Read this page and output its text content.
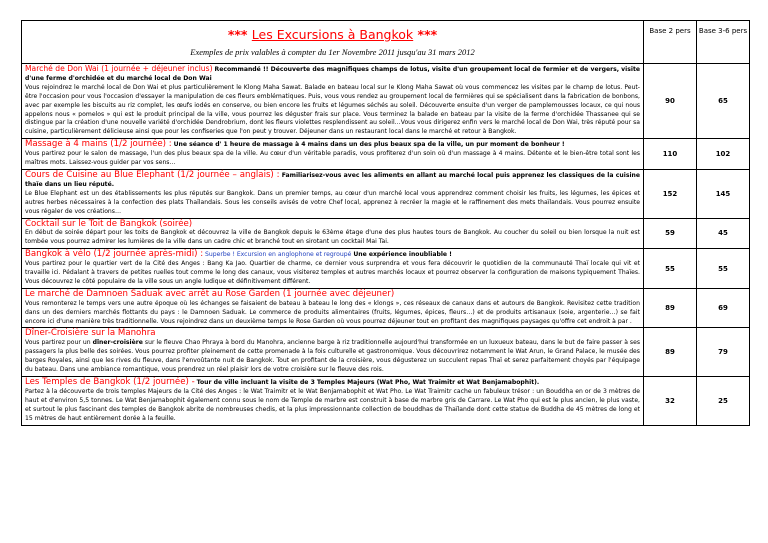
*** Les Excursions à Bangkok ***
Exemples de prix valables à compter du 1er Novembre 2011 jusqu'au 31 mars 2012	Base 2 pers	Base 3-6 pers
Marché de Don Wai (1 journée + déjeuner inclus) Recommandé !! Découverte des magnifiques champs de lotus, visite d'un groupement local de fermier et de vergers, visite d'une ferme d'orchidée et du marché local de Don Wai
Vous rejoindrez le marché local de Don Wai et plus particulièrement le Klong Maha Sawat. Balade en bateau local sur le Klong Maha Sawat où vous commencez les visites par le champ de lotus. Peut-être l'occasion pour vous l'occasion d'essayer la manipulation de ces fleurs emblématiques. Puis, vous vous rendez au groupement local de fermières qui se spécialisent dans la fabrication de bonbons, avec par exemple les biscuits au riz complet, les œufs iodés en conserve, ou bien encore les fruits et légumes séchés au soleil. Découverte ensuite d'un verger de pamplemousses locaux, ce qui nous appelons nous « pomelos » qui est le produit principal de la ville, vous pourrez les déguster frais sur place. Vous terminez la balade en bateau par la visite de la ferme d'orchidée Thassanee qui se distingue par la création d'une nouvelle variété d'orchidée Dendrobrium, dont les fleurs violettes resplendissent au soleil…Vous vous dirigerez enfin vers le marché local de Don Wai, très réputé pour sa cuisine, particulièrement délicieuse ainsi que pour les confiseries que l'on peut y trouver. Déjeuner dans un restaurant local dans le marché et retour à Bangkok.	90	65
Massage à 4 mains (1/2 journée) : Une séance d' 1 heure de massage à 4 mains dans un des plus beaux spa de la ville, un pur moment de bonheur !
Vous partirez pour le salon de massage, l'un des plus beaux spa de la ville. Au cœur d'un véritable paradis, vous profiterez d'un soin où d'un massage à 4 mains. Détente et le bien-être total sont les maîtres mots. Laissez-vous guider par vos sens…	110	102
Cours de Cuisine au Blue Elephant (1/2 journée – anglais) : Familiarisez-vous avec les aliments en allant au marché local puis apprenez les classiques de la cuisine thaïe dans un lieu réputé.
Le Blue Elephant est un des établissements les plus réputés sur Bangkok. Dans un premier temps, au cœur d'un marché local vous apprendrez comment choisir les fruits, les légumes, les épices et autres herbes nécessaires à la confection des plats Thaïlandais. Sous les conseils avisés de votre Chef local, apprenez à recréer la magie et le raffinement des mets thaïlandais. Vous pourrez ensuite vous régaler de vos créations…	152	145
Cocktail sur le Toit de Bangkok (soirée)
En début de soirée départ pour les toits de Bangkok et découvrez la ville de Bangkok depuis le 63ème étage d'une des plus hautes tours de Bangkok. Au coucher du soleil ou bien lorsque la nuit est tombée vous pourrez admirer les lumières de la ville dans un cadre chic et branché tout en sirotant un cocktail Mai Tai.	59	45
Bangkok à vélo (1/2 journée après-midi) : Superbe ! Excursion en anglophone et regroupé Une expérience inoubliable !
Vous partirez pour le quartier vert de la Cité des Anges : Bang Ka Jao. Quartier de charme, ce dernier vous surprendra et vous fera découvrir le quotidien de la communauté Thaï locale qui vit et travaille ici. Pédalant à travers de petites ruelles tout comme le long des canaux, vous visiterez temples et autres marchés locaux et pourrez observer la configuration de maisons typiquement Thaïes. Vous découvrez le côté populaire de la ville sous un angle ludique et définitivement différent.	55	55
Le marché de Damnoen Saduak avec arrêt au Rose Garden (1 journée avec déjeuner)
Vous remonterez le temps vers une autre époque où les échanges se faisaient de bateau à bateau le long des « klongs », ces réseaux de canaux dans et autours de Bangkok. Revisitez cette tradition dans un des derniers marchés flottants du pays : le Damnoen Saduak. Le commerce de produits alimentaires (fruits, légumes, épices, fleurs…) et de produits artisanaux (soie, argenterie…) se fait encore ici d'une manière très traditionnelle. Vous rejoindrez dans un deuxième temps le Rose Garden où vous pourrez déjeuner tout en profitant des magnifiques paysages qu'offre cet endroit à par .	89	69
Dîner-Croisière sur la Manohra
Vous partirez pour un dîner-croisière sur le fleuve Chao Phraya à bord du Manohra, ancienne barge à riz traditionnelle aujourd'hui transformée en un luxueux bateau, dans le but de faire passer à ses passagers la plus belle des soirées. Vous pourrez profiter pleinement de cette promenade à la fois culturelle et gastronomique. Vous découvrirez notamment le Wat Arun, le Grand Palace, le musée des barges Royales, ainsi que les rives du fleuve, dans l'envoûtante nuit de Bangkok. Tout en profitant de la croisière, vous dégusterez un succulent repas Thaï et serez parfaitement choyés par l'équipage du bateau. Dans une ambiance romantique, vous prendrez un réel plaisir lors de votre croisière sur le fleuve des rois.	89	79
Les Temples de Bangkok (1/2 journée) - Tour de ville incluant la visite de 3 Temples Majeurs (Wat Pho, Wat Traimitr et Wat Benjamabophit).
Partez à la découverte de trois temples Majeurs de la Cité des Anges : le Wat Traimitr et le Wat Benjamabophit et Wat Pho. Le Wat Traimitr cache un fabuleux trésor : un Bouddha en or de 3 mètres de haut et d'environ 5,5 tonnes. Le Wat Benjamabophit également connu sous le nom de Temple de marbre est construit à base de marbre gris de Carrare. Le Wat Pho qui est le plus ancien, le plus vaste, et surtout le plus fascinant des temples de Bangkok abrite de nombreuses chedis, et la plus impressionnante collection de bouddhas de Thaïlande dont cette statue de Buddha de 45 mètres de long et 15 mètres de haut entièrement dorée à la feuille.	32	25
